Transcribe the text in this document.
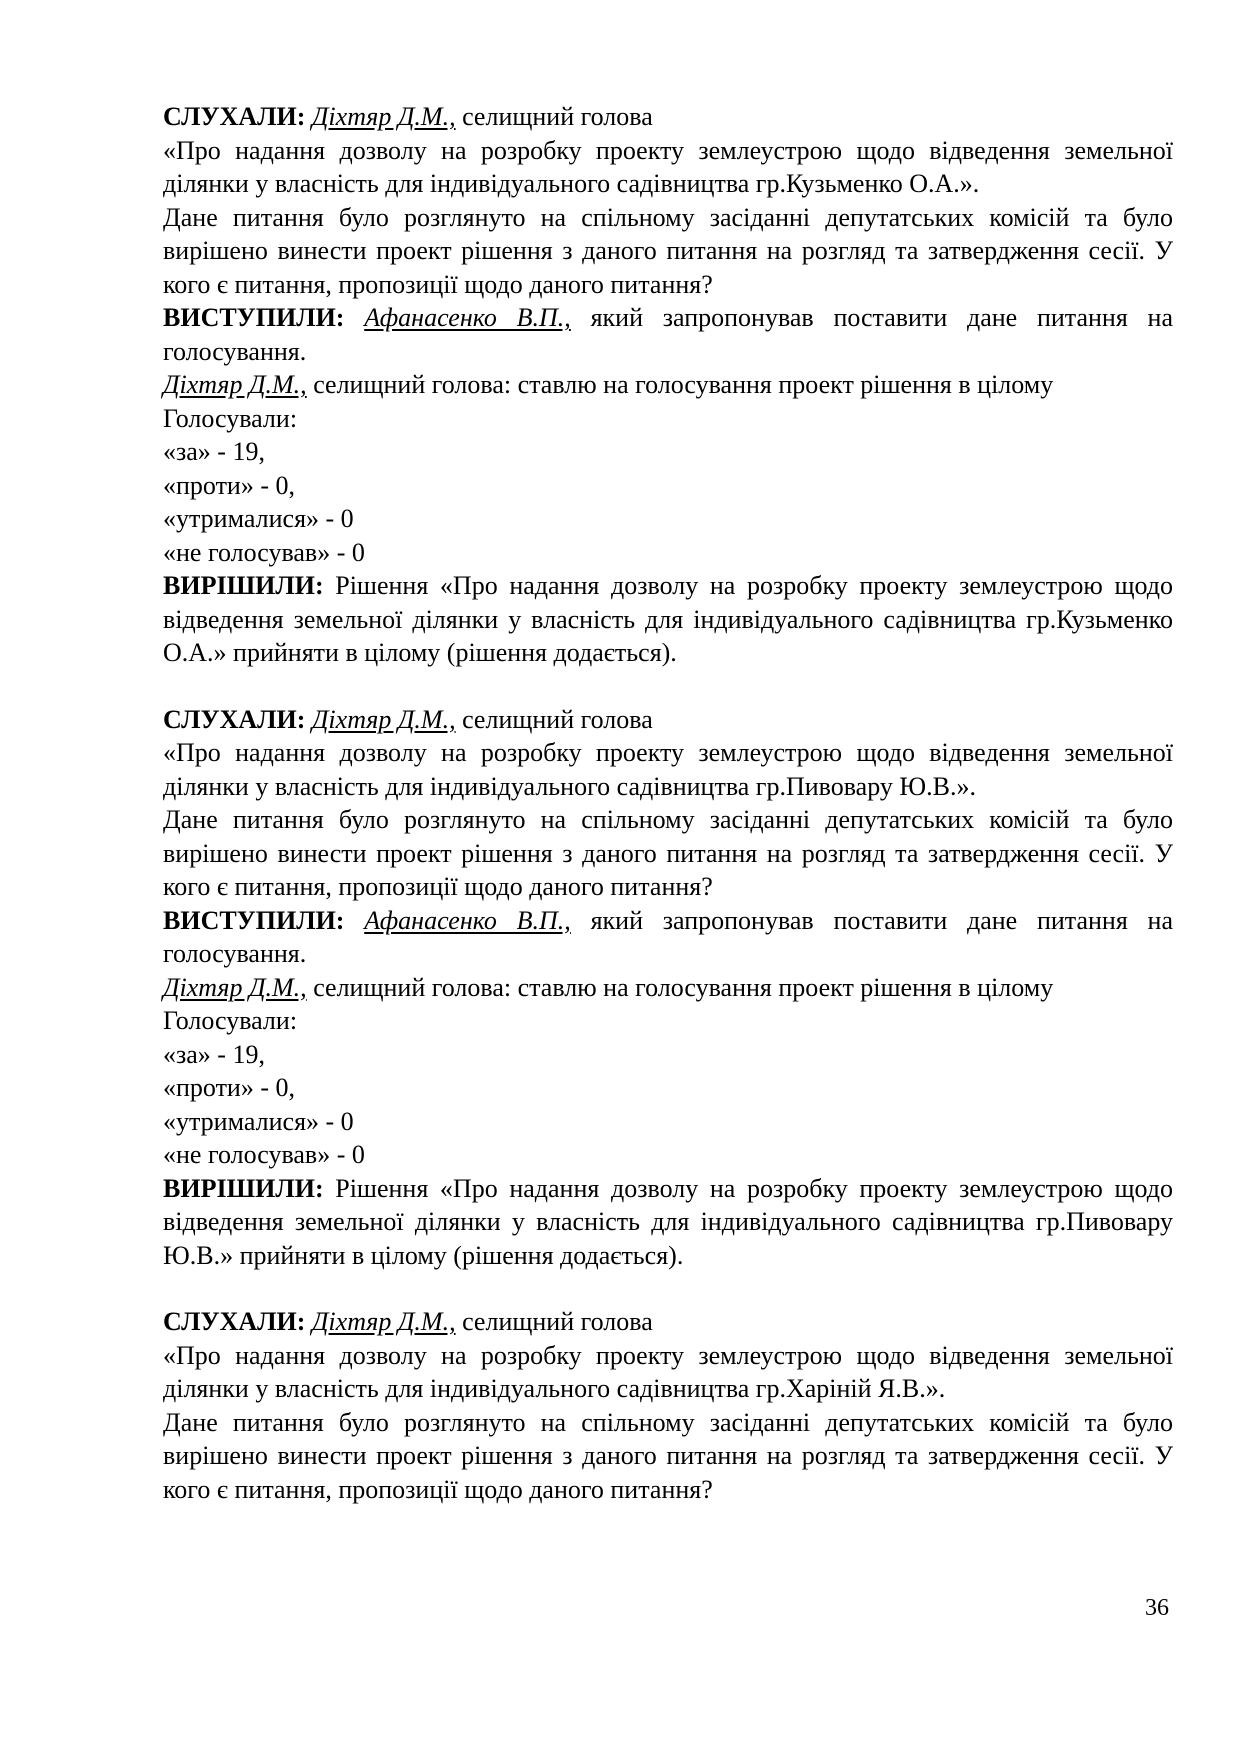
СЛУХАЛИ: Діхтяр Д.М., селищний голова

«Про надання дозволу на розробку проекту землеустрою щодо відведення земельної ділянки у власність для індивідуального садівництва гр.Кузьменко О.А.».

Дане питання було розглянуто на спільному засіданні депутатських комісій та було вирішено винести проект рішення з даного питання на розгляд та затвердження сесії. У кого є питання, пропозиції щодо даного питання?

ВИСТУПИЛИ: Афанасенко В.П., який запропонував поставити дане питання на голосування.

Діхтяр Д.М., селищний голова: ставлю на голосування проект рішення в цілому

Голосували:

«за» - 19,

«проти» - 0,

«утрималися» - 0

«не голосував» - 0

ВИРІШИЛИ: Рішення «Про надання дозволу на розробку проекту землеустрою щодо відведення земельної ділянки у власність для індивідуального садівництва гр.Кузьменко О.А.» прийняти в цілому (рішення додається).

СЛУХАЛИ: Діхтяр Д.М., селищний голова

«Про надання дозволу на розробку проекту землеустрою щодо відведення земельної ділянки у власність для індивідуального садівництва гр.Пивовару Ю.В.».

Дане питання було розглянуто на спільному засіданні депутатських комісій та було вирішено винести проект рішення з даного питання на розгляд та затвердження сесії. У кого є питання, пропозиції щодо даного питання?

ВИСТУПИЛИ: Афанасенко В.П., який запропонував поставити дане питання на голосування.

Діхтяр Д.М., селищний голова: ставлю на голосування проект рішення в цілому

Голосували:

«за» - 19,

«проти» - 0,

«утрималися» - 0

«не голосував» - 0

ВИРІШИЛИ: Рішення «Про надання дозволу на розробку проекту землеустрою щодо відведення земельної ділянки у власність для індивідуального садівництва гр.Пивовару Ю.В.» прийняти в цілому (рішення додається).

СЛУХАЛИ: Діхтяр Д.М., селищний голова

«Про надання дозволу на розробку проекту землеустрою щодо відведення земельної ділянки у власність для індивідуального садівництва гр.Харіній Я.В.».

Дане питання було розглянуто на спільному засіданні депутатських комісій та було вирішено винести проект рішення з даного питання на розгляд та затвердження сесії. У кого є питання, пропозиції щодо даного питання?

36
